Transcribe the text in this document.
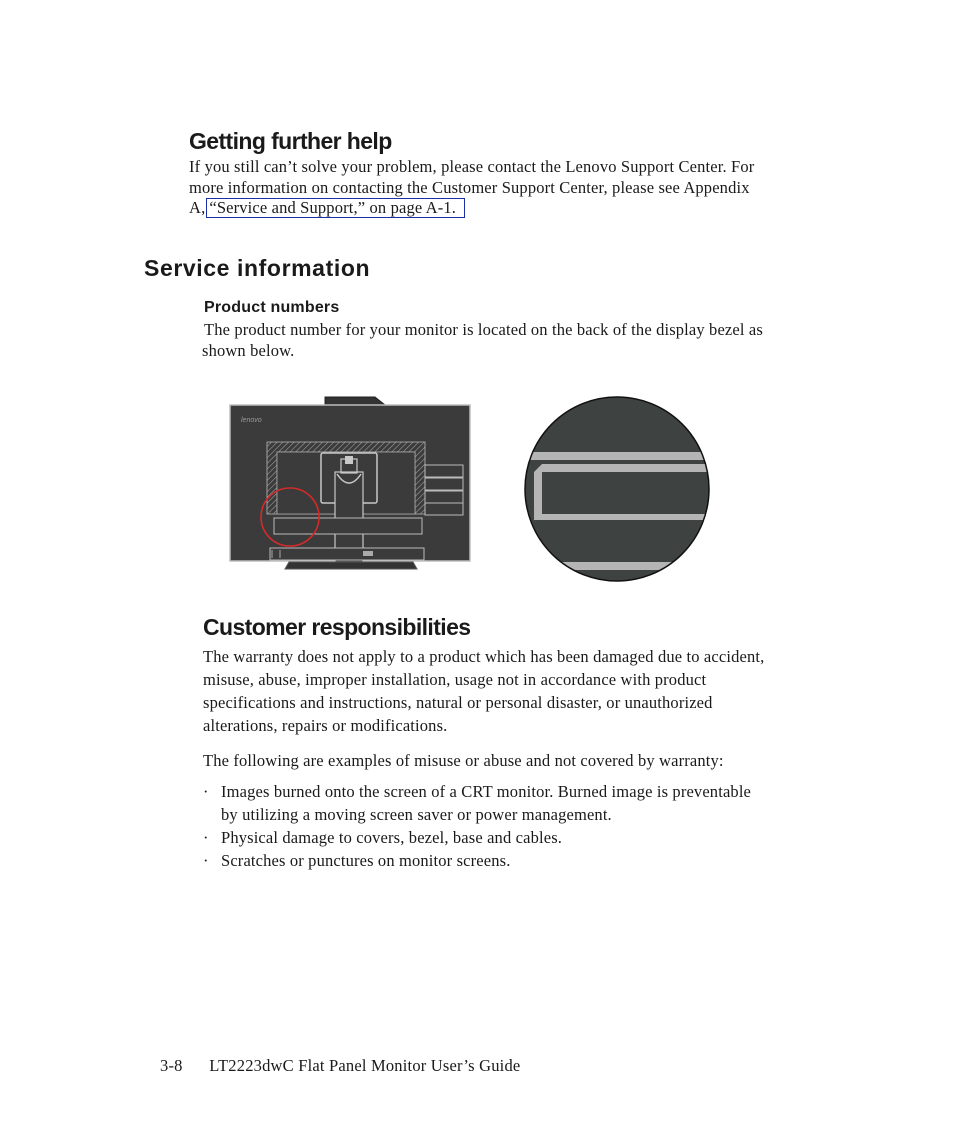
Getting further help
If you still can’t solve your problem, please contact the Lenovo Support Center. For
more information on contacting the Customer Support Center, please see Appendix
A, “Service and Support,” on page A-1.
Service information
Product numbers
The product number for your monitor is located on the back of the display bezel as
shown below.
lenovo
Customer responsibilities
The warranty does not apply to a product which has been damaged due to accident,
misuse, abuse, improper installation, usage not in accordance with product
specifications and instructions, natural or personal disaster, or unauthorized
alterations, repairs or modifications.
The following are examples of misuse or abuse and not covered by warranty:
· Images burned onto the screen of a CRT monitor. Burned image is preventable
by utilizing a moving screen saver or power management.
· Physical damage to covers, bezel, base and cables.
· Scratches or punctures on monitor screens.
3-8 LT2223dwC Flat Panel Monitor User’s Guide
